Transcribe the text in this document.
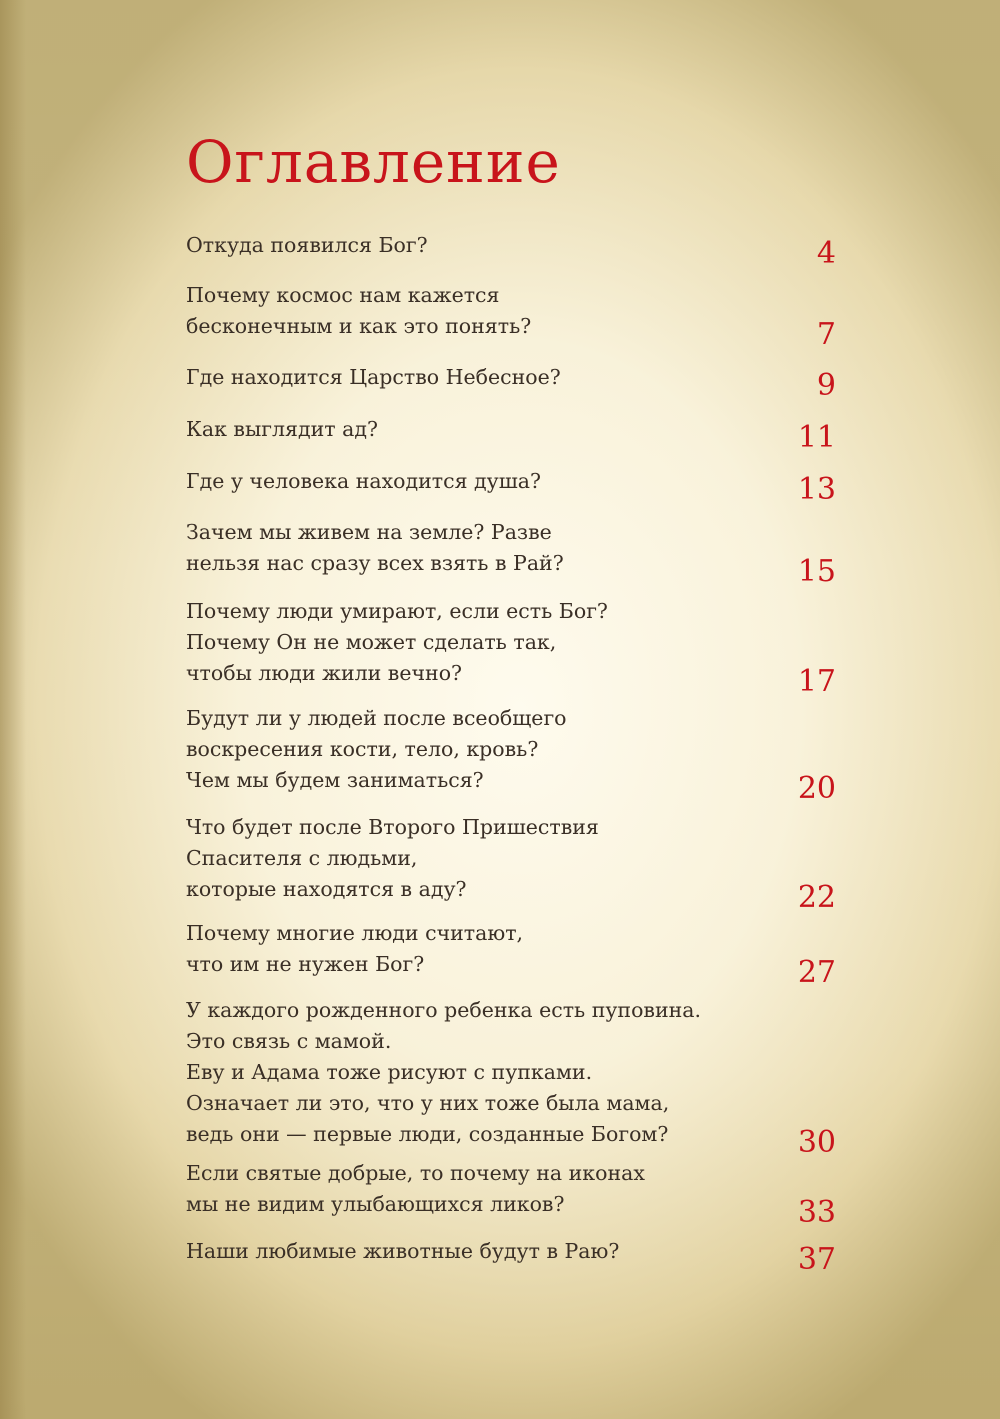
Оглавление

Откуда появился Бог?	4

Почему космос нам кажется
бесконечным и как это понять?	7

Где находится Царство Небесное?	9

Как выглядит ад?	11

Где у человека находится душа?	13

Зачем мы живем на земле? Разве
нельзя нас сразу всех взять в Рай?	15

Почему люди умирают, если есть Бог?
Почему Он не может сделать так,
чтобы люди жили вечно?	17

Будут ли у людей после всеобщего
воскресения кости, тело, кровь?
Чем мы будем заниматься?	20

Что будет после Второго Пришествия
Спасителя с людьми,
которые находятся в аду?	22

Почему многие люди считают,
что им не нужен Бог?	27

У каждого рожденного ребенка есть пуповина.
Это связь с мамой.
Еву и Адама тоже рисуют с пупками.
Означает ли это, что у них тоже была мама,
ведь они — первые люди, созданные Богом?	30

Если святые добрые, то почему на иконах
мы не видим улыбающихся ликов?	33

Наши любимые животные будут в Раю?	37
